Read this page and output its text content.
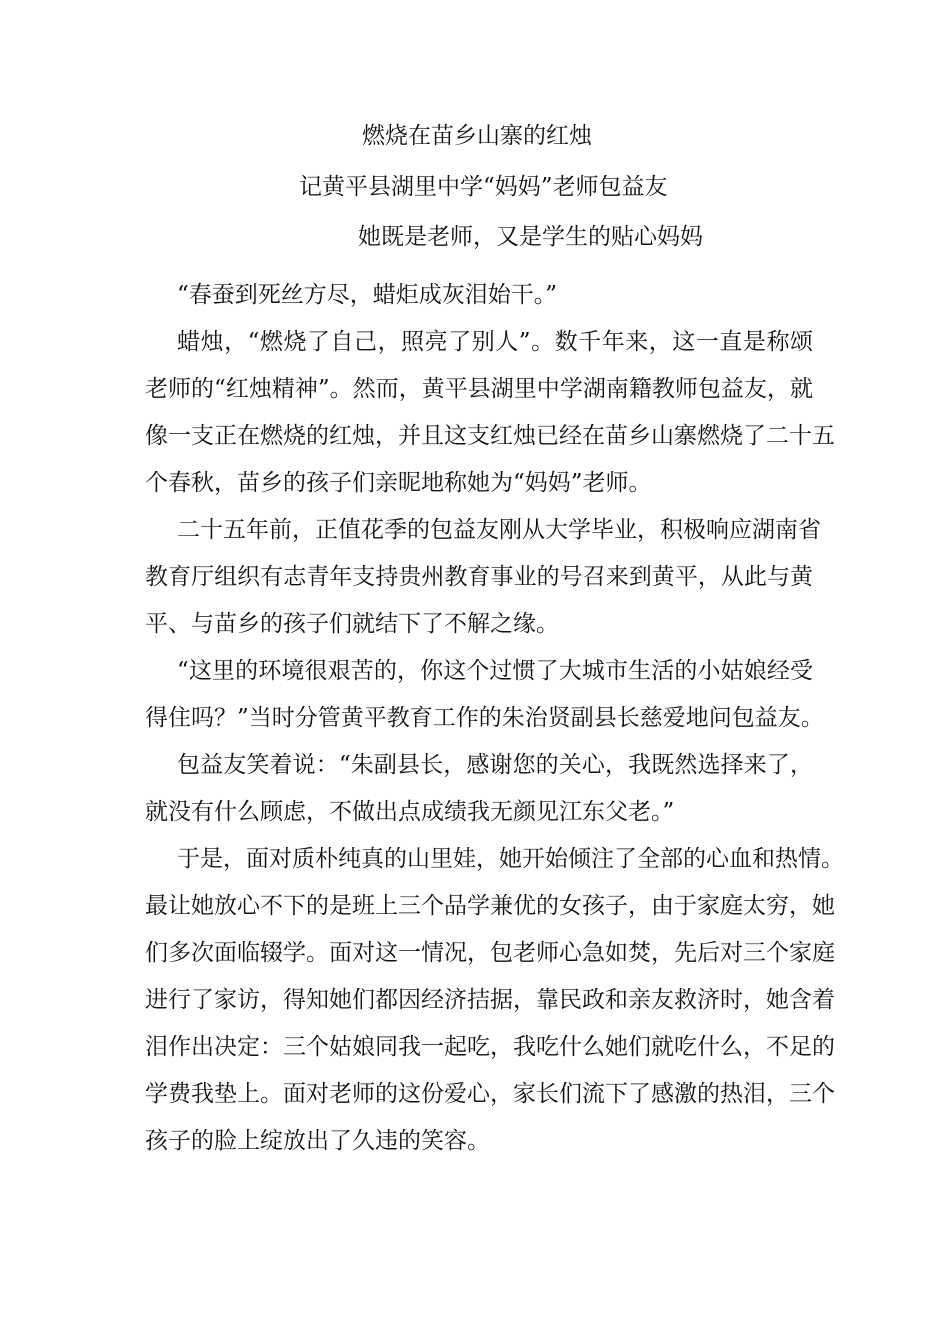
燃烧在苗乡山寨的红烛
记黄平县湖里中学“妈妈”老师包益友
她既是老师，又是学生的贴心妈妈

“春蚕到死丝方尽，蜡炬成灰泪始干。”

蜡烛，“燃烧了自己，照亮了别人”。数千年来，这一直是称颂
老师的“红烛精神”。然而，黄平县湖里中学湖南籍教师包益友，就
像一支正在燃烧的红烛，并且这支红烛已经在苗乡山寨燃烧了二十五
个春秋，苗乡的孩子们亲昵地称她为“妈妈”老师。

二十五年前，正值花季的包益友刚从大学毕业，积极响应湖南省
教育厅组织有志青年支持贵州教育事业的号召来到黄平，从此与黄
平、与苗乡的孩子们就结下了不解之缘。

“这里的环境很艰苦的，你这个过惯了大城市生活的小姑娘经受
得住吗？”当时分管黄平教育工作的朱治贤副县长慈爱地问包益友。

包益友笑着说：“朱副县长，感谢您的关心，我既然选择来了，
就没有什么顾虑，不做出点成绩我无颜见江东父老。”

于是，面对质朴纯真的山里娃，她开始倾注了全部的心血和热情。
最让她放心不下的是班上三个品学兼优的女孩子，由于家庭太穷，她
们多次面临辍学。面对这一情况，包老师心急如焚，先后对三个家庭
进行了家访，得知她们都因经济拮据，靠民政和亲友救济时，她含着
泪作出决定：三个姑娘同我一起吃，我吃什么她们就吃什么，不足的
学费我垫上。面对老师的这份爱心，家长们流下了感激的热泪，三个
孩子的脸上绽放出了久违的笑容。
